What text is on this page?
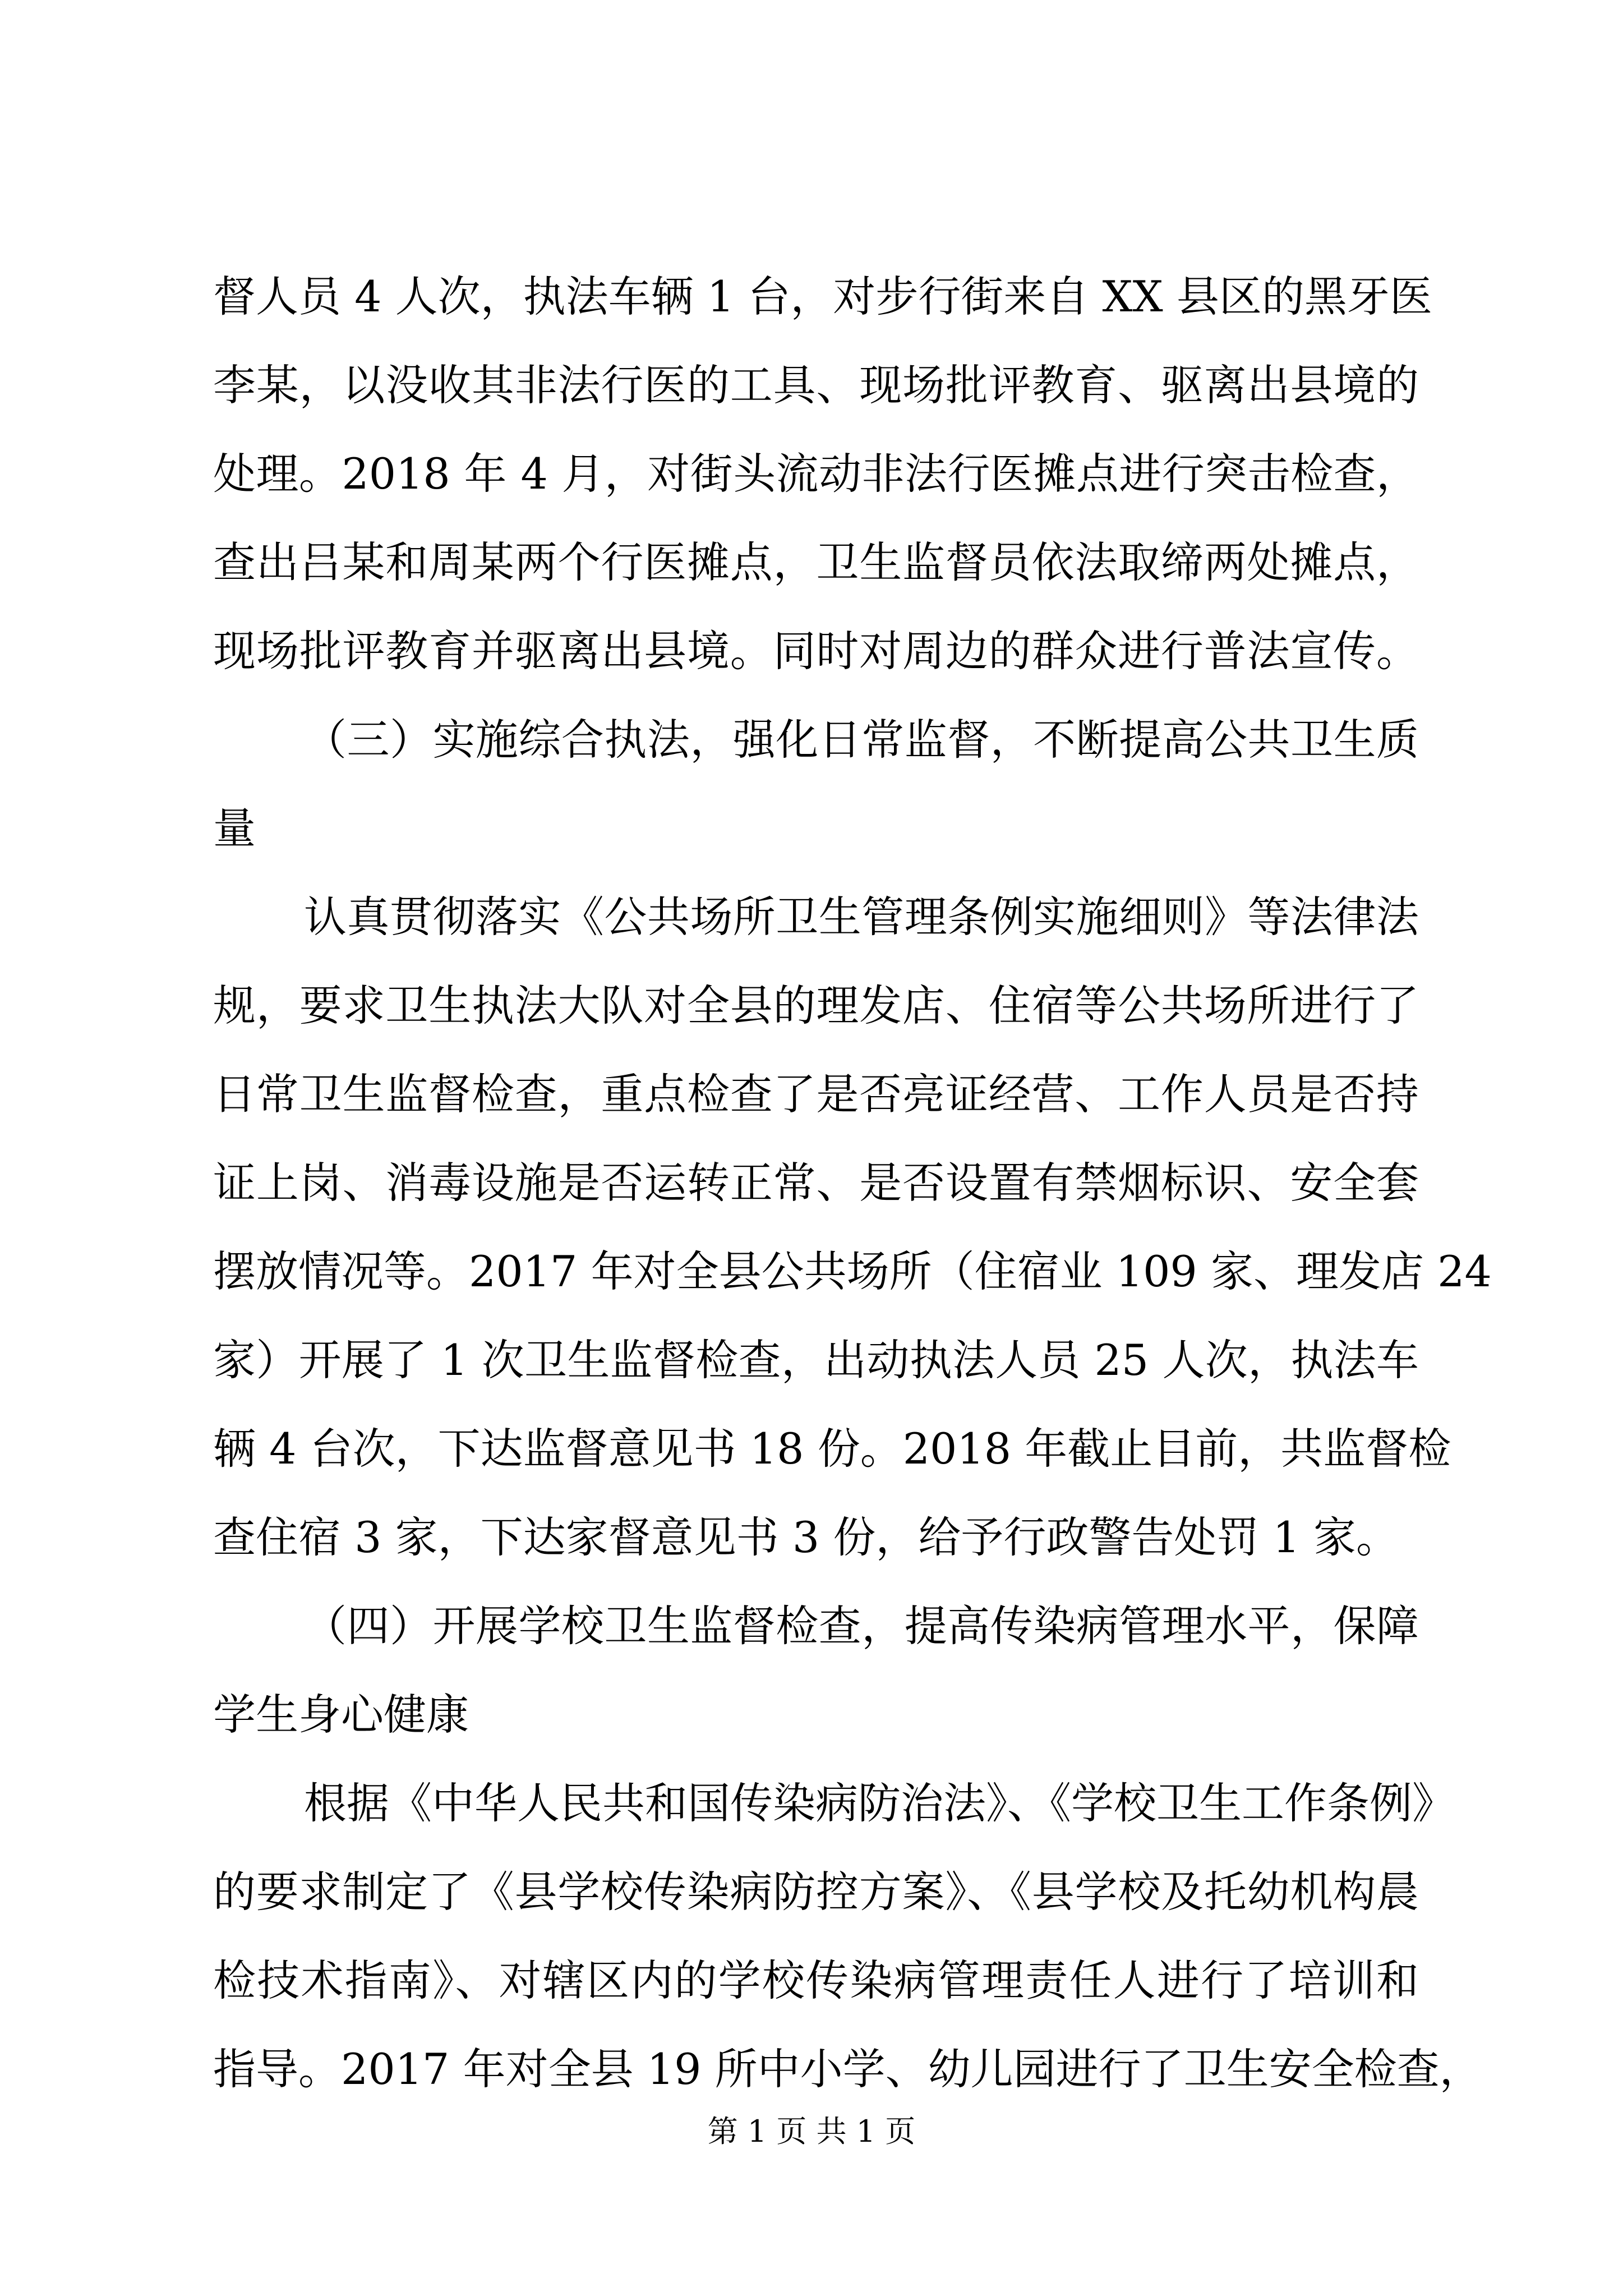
督人员 4 人次，执法车辆 1 台，对步行街来自 XX 县区的黑牙医
李某，以没收其非法行医的工具、现场批评教育、驱离出县境的
处理。2018 年 4 月，对街头流动非法行医摊点进行突击检查，
查出吕某和周某两个行医摊点，卫生监督员依法取缔两处摊点，
现场批评教育并驱离出县境。同时对周边的群众进行普法宣传。
（三）实施综合执法，强化日常监督，不断提高公共卫生质
量
认真贯彻落实《公共场所卫生管理条例实施细则》等法律法
规，要求卫生执法大队对全县的理发店、住宿等公共场所进行了
日常卫生监督检查，重点检查了是否亮证经营、工作人员是否持
证上岗、消毒设施是否运转正常、是否设置有禁烟标识、安全套
摆放情况等。2017 年对全县公共场所（住宿业 109 家、理发店 24
家）开展了 1 次卫生监督检查，出动执法人员 25 人次，执法车
辆 4 台次，下达监督意见书 18 份。2018 年截止目前，共监督检
查住宿 3 家，下达家督意见书 3 份，给予行政警告处罚 1 家。
（四）开展学校卫生监督检查，提高传染病管理水平，保障
学生身心健康
根据《中华人民共和国传染病防治法》、《学校卫生工作条例》
的要求制定了《县学校传染病防控方案》、《县学校及托幼机构晨
检技术指南》、对辖区内的学校传染病管理责任人进行了培训和
指导。2017 年对全县 19 所中小学、幼儿园进行了卫生安全检查，
第 1 页 共 1 页
